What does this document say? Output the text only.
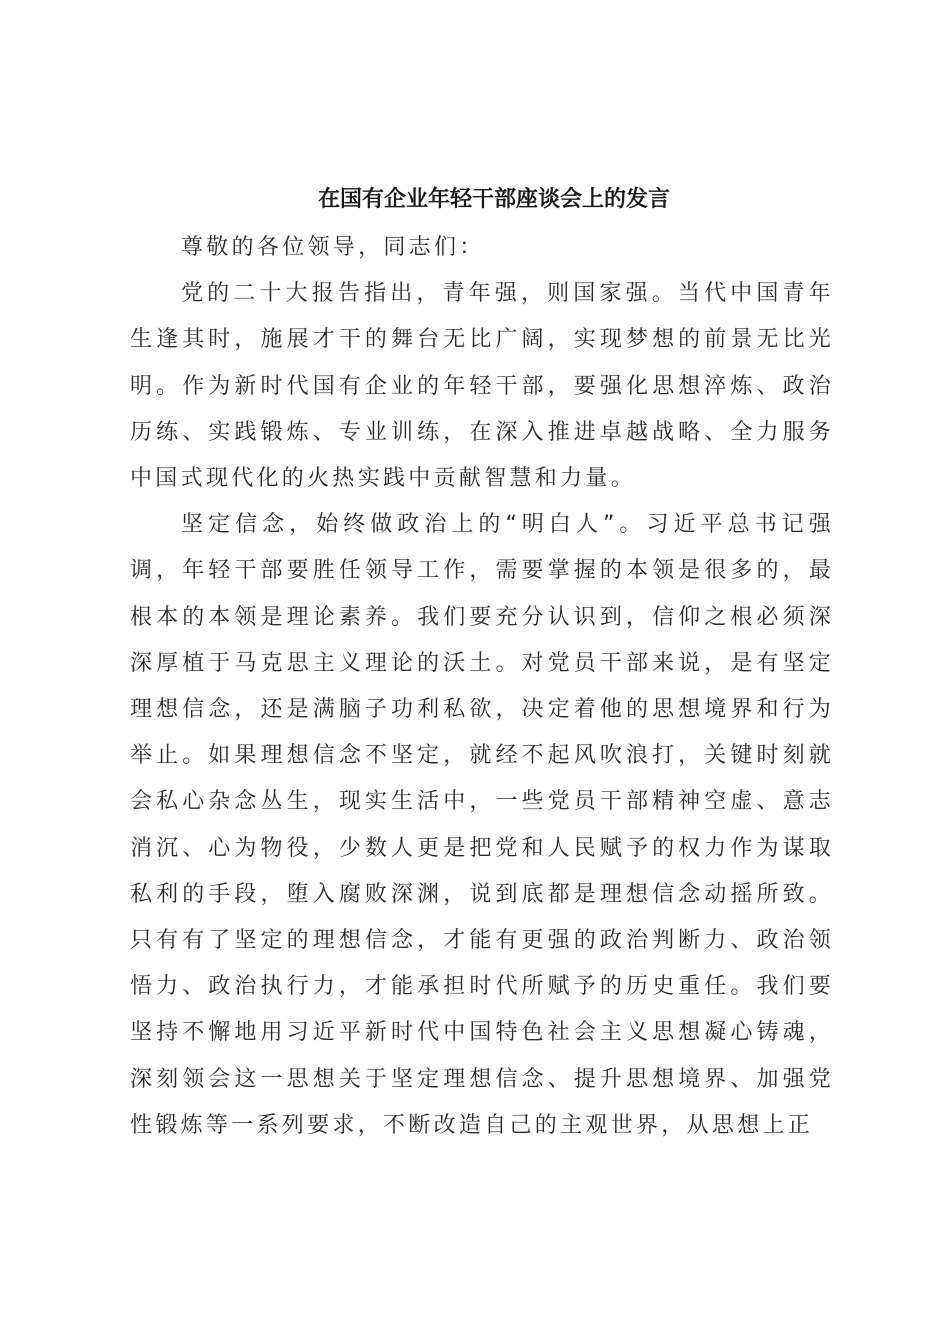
在国有企业年轻干部座谈会上的发言

尊敬的各位领导，同志们：

党的二十大报告指出，青年强，则国家强。当代中国青年生逢其时，施展才干的舞台无比广阔，实现梦想的前景无比光明。作为新时代国有企业的年轻干部，要强化思想淬炼、政治历练、实践锻炼、专业训练，在深入推进卓越战略、全力服务中国式现代化的火热实践中贡献智慧和力量。

坚定信念，始终做政治上的“明白人”。习近平总书记强调，年轻干部要胜任领导工作，需要掌握的本领是很多的，最根本的本领是理论素养。我们要充分认识到，信仰之根必须深深厚植于马克思主义理论的沃土。对党员干部来说，是有坚定理想信念，还是满脑子功利私欲，决定着他的思想境界和行为举止。如果理想信念不坚定，就经不起风吹浪打，关键时刻就会私心杂念丛生，现实生活中，一些党员干部精神空虚、意志消沉、心为物役，少数人更是把党和人民赋予的权力作为谋取私利的手段，堕入腐败深渊，说到底都是理想信念动摇所致。只有有了坚定的理想信念，才能有更强的政治判断力、政治领悟力、政治执行力，才能承担时代所赋予的历史重任。我们要坚持不懈地用习近平新时代中国特色社会主义思想凝心铸魂，深刻领会这一思想关于坚定理想信念、提升思想境界、加强党性锻炼等一系列要求，不断改造自己的主观世界，从思想上正
